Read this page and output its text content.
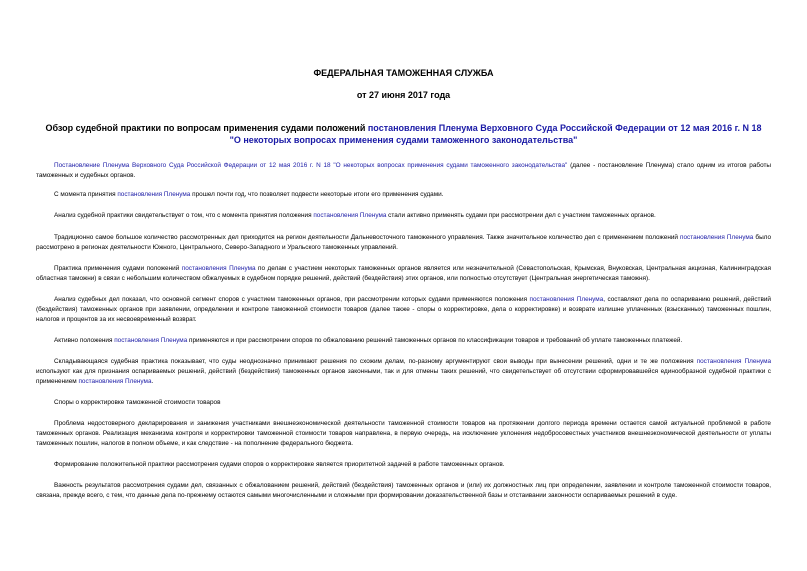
ФЕДЕРАЛЬНАЯ ТАМОЖЕННАЯ СЛУЖБА
от 27 июня 2017 года
Обзор судебной практики по вопросам применения судами положений постановления Пленума Верховного Суда Российской Федерации от 12 мая 2016 г. N 18 "О некоторых вопросах применения судами таможенного законодательства"

Постановление Пленума Верховного Суда Российской Федерации от 12 мая 2016 г. N 18 "О некоторых вопросах применения судами таможенного законодательства" (далее - постановление Пленума) стало одним из итогов работы таможенных и судебных органов.

С момента принятия постановления Пленума прошел почти год, что позволяет подвести некоторые итоги его применения судами.

Анализ судебной практики свидетельствует о том, что с момента принятия положения постановления Пленума стали активно применять судами при рассмотрении дел с участием таможенных органов.

Традиционно самое большое количество рассмотренных дел приходится на регион деятельности Дальневосточного таможенного управления. Также значительное количество дел с применением положений постановления Пленума было рассмотрено в регионах деятельности Южного, Центрального, Северо-Западного и Уральского таможенных управлений.

Практика применения судами положений постановления Пленума по делам с участием некоторых таможенных органов является или незначительной (Севастопольская, Крымская, Внуковская, Центральная акцизная, Калининградская областная таможни) в связи с небольшим количеством обжалуемых в судебном порядке решений, действий (бездействия) этих органов, или полностью отсутствует (Центральная энергетическая таможня).

Анализ судебных дел показал, что основной сегмент споров с участием таможенных органов, при рассмотрении которых судами применяются положения постановления Пленума, составляют дела по оспариванию решений, действий (бездействия) таможенных органов при заявлении, определении и контроле таможенной стоимости товаров (далее также - споры о корректировке, дела о корректировке) и возврате излишне уплаченных (взысканных) таможенных пошлин, налогов и процентов за их несвоевременный возврат.

Активно положения постановления Пленума применяются и при рассмотрении споров по обжалованию решений таможенных органов по классификации товаров и требований об уплате таможенных платежей.

Складывающаяся судебная практика показывает, что суды неоднозначно принимают решения по схожим делам, по-разному аргументируют свои выводы при вынесении решений, одни и те же положения постановления Пленума используют как для признания оспариваемых решений, действий (бездействия) таможенных органов законными, так и для отмены таких решений, что свидетельствует об отсутствии сформировавшейся единообразной судебной практики с применением постановления Пленума.

Споры о корректировке таможенной стоимости товаров

Проблема недостоверного декларирования и занижения участниками внешнеэкономической деятельности таможенной стоимости товаров на протяжении долгого периода времени остается самой актуальной проблемой в работе таможенных органов. Реализация механизма контроля и корректировки таможенной стоимости товаров направлена, в первую очередь, на исключение уклонения недобросовестных участников внешнеэкономической деятельности от уплаты таможенных пошлин, налогов в полном объеме, и как следствие - на пополнение федерального бюджета.

Формирование положительной практики рассмотрения судами споров о корректировке является приоритетной задачей в работе таможенных органов.

Важность результатов рассмотрения судами дел, связанных с обжалованием решений, действий (бездействия) таможенных органов и (или) их должностных лиц при определении, заявлении и контроле таможенной стоимости товаров, связана, прежде всего, с тем, что данные дела по-прежнему остаются самыми многочисленными и сложными при формировании доказательственной базы и отстаивании законности оспариваемых решений в суде.
